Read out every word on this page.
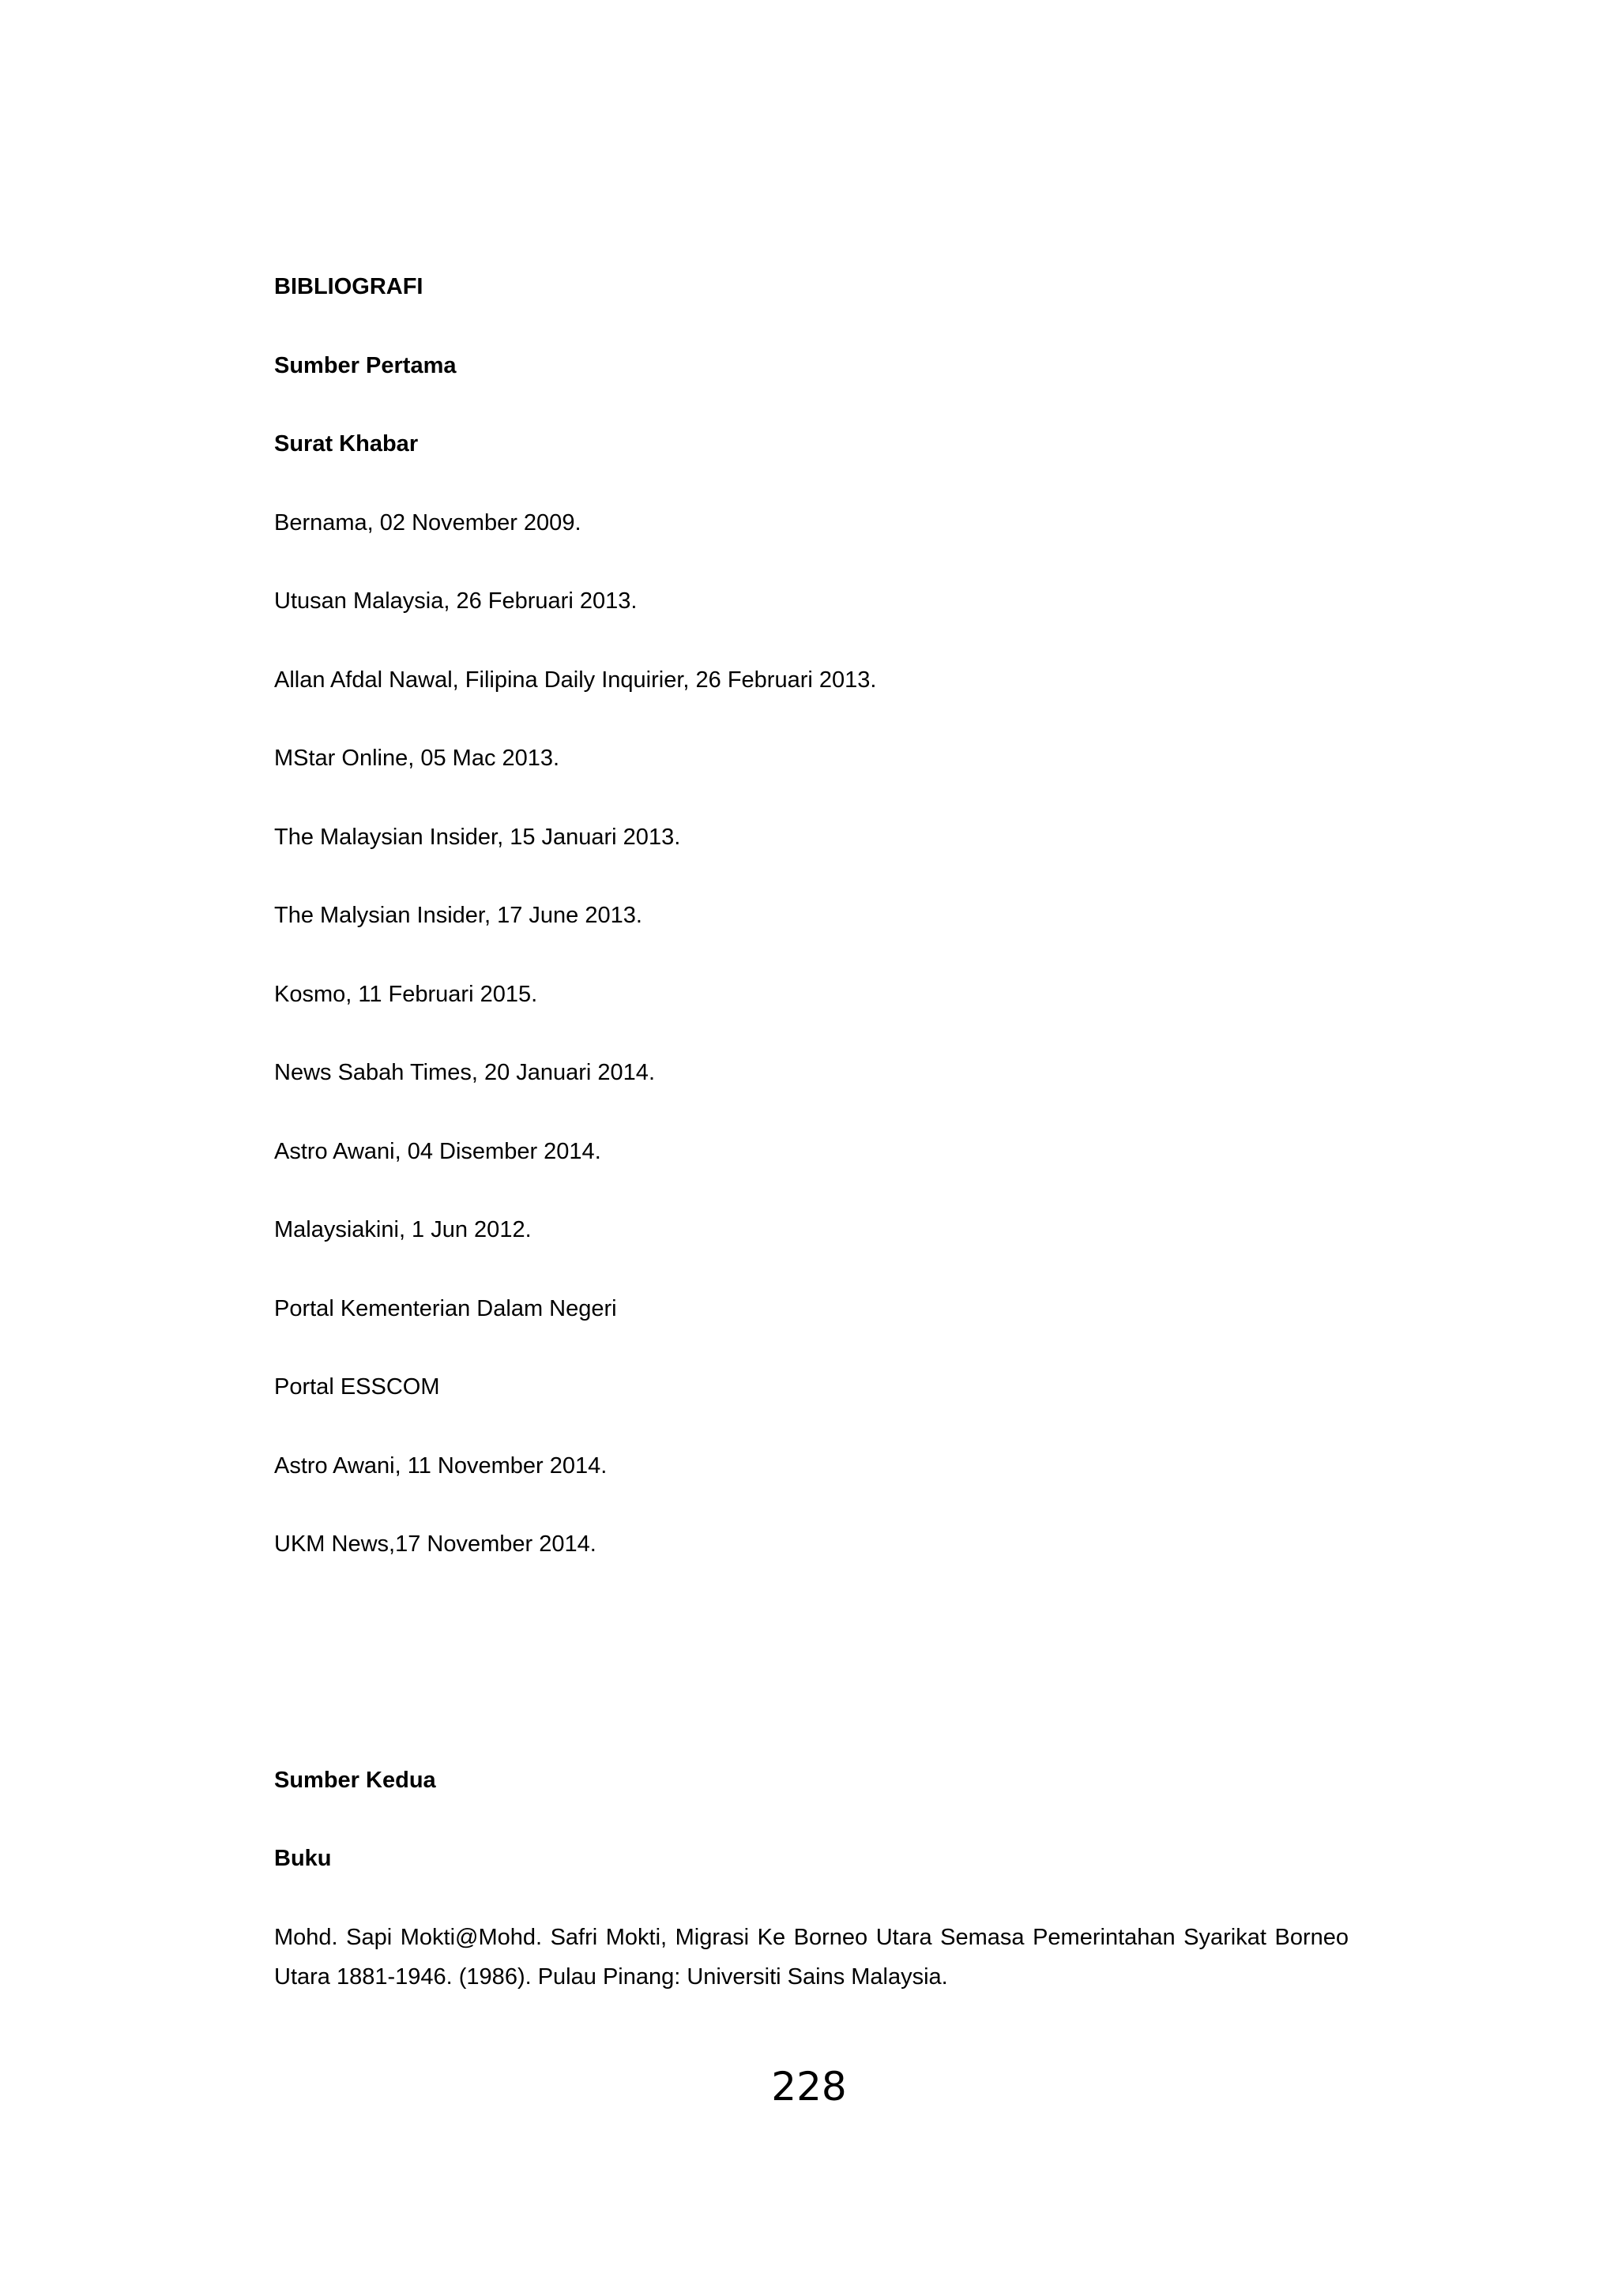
BIBLIOGRAFI
Sumber Pertama
Surat Khabar
Bernama, 02 November 2009.
Utusan Malaysia, 26 Februari 2013.
Allan Afdal Nawal, Filipina Daily Inquirier, 26 Februari 2013.
MStar Online, 05 Mac 2013.
The Malaysian Insider, 15 Januari 2013.
The Malysian Insider, 17 June 2013.
Kosmo, 11 Februari 2015.
News Sabah Times, 20 Januari 2014.
Astro Awani, 04 Disember 2014.
Malaysiakini, 1 Jun 2012.
Portal Kementerian Dalam Negeri
Portal ESSCOM
Astro Awani, 11 November 2014.
UKM News,17 November 2014.
Sumber Kedua
Buku
Mohd. Sapi Mokti@Mohd. Safri Mokti, Migrasi Ke Borneo Utara Semasa Pemerintahan Syarikat Borneo Utara 1881-1946. (1986). Pulau Pinang: Universiti Sains Malaysia.
228
